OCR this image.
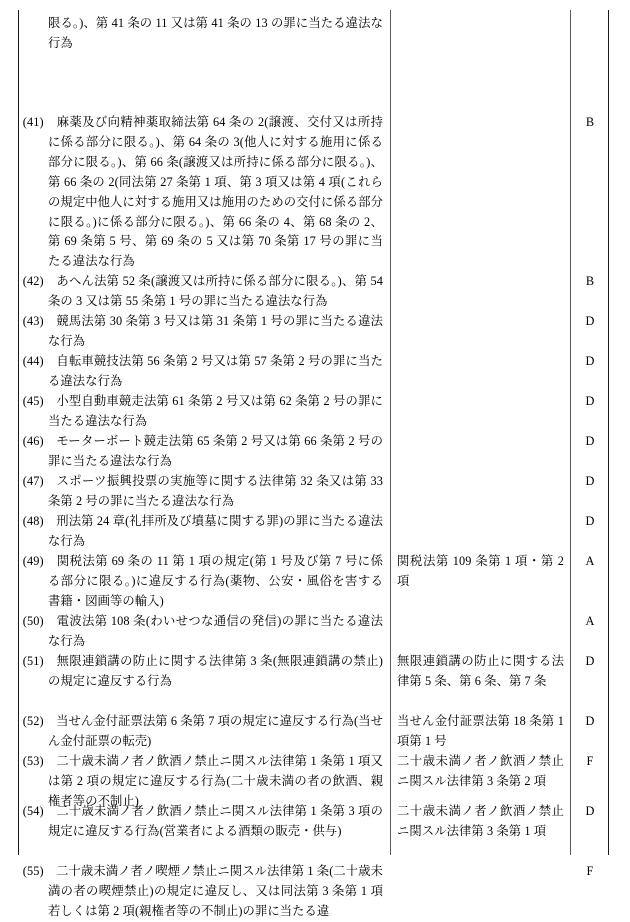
限る。)、第 41 条の 11 又は第 41 条の 13 の罪に当たる違法な行為
(41)　麻薬及び向精神薬取締法第 64 条の 2(譲渡、交付又は所持に係る部分に限る。)、第 64 条の 3(他人に対する施用に係る部分に限る。)、第 66 条(譲渡又は所持に係る部分に限る。)、第 66 条の 2(同法第 27 条第 1 項、第 3 項又は第 4 項(これらの規定中他人に対する施用又は施用のための交付に係る部分に限る。)に係る部分に限る。)、第 66 条の 4、第 68 条の 2、第 69 条第 5 号、第 69 条の 5 又は第 70 条第 17 号の罪に当たる違法な行為
B
(42)　あへん法第 52 条(譲渡又は所持に係る部分に限る。)、第 54 条の 3 又は第 55 条第 1 号の罪に当たる違法な行為
B
(43)　競馬法第 30 条第 3 号又は第 31 条第 1 号の罪に当たる違法な行為
D
(44)　自転車競技法第 56 条第 2 号又は第 57 条第 2 号の罪に当たる違法な行為
D
(45)　小型自動車競走法第 61 条第 2 号又は第 62 条第 2 号の罪に当たる違法な行為
D
(46)　モーターボート競走法第 65 条第 2 号又は第 66 条第 2 号の罪に当たる違法な行為
D
(47)　スポーツ振興投票の実施等に関する法律第 32 条又は第 33 条第 2 号の罪に当たる違法な行為
D
(48)　刑法第 24 章(礼拝所及び墳墓に関する罪)の罪に当たる違法な行為
D
(49)　関税法第 69 条の 11 第 1 項の規定(第 1 号及び第 7 号に係る部分に限る。)に違反する行為(薬物、公安・風俗を害する書籍・図画等の輸入)
関税法第 109 条第 1 項・第 2 項
A
(50)　電波法第 108 条(わいせつな通信の発信)の罪に当たる違法な行為
A
(51)　無限連鎖講の防止に関する法律第 3 条(無限連鎖講の禁止)の規定に違反する行為
無限連鎖講の防止に関する法律第 5 条、第 6 条、第 7 条
D
(52)　当せん金付証票法第 6 条第 7 項の規定に違反する行為(当せん金付証票の転売)
当せん金付証票法第 18 条第 1 項第 1 号
D
(53)　二十歳未満ノ者ノ飲酒ノ禁止ニ関スル法律第 1 条第 1 項又は第 2 項の規定に違反する行為(二十歳未満の者の飲酒、親権者等の不制止)
二十歳未満ノ者ノ飲酒ノ禁止ニ関スル法律第 3 条第 2 項
F
(54)　二十歳未満ノ者ノ飲酒ノ禁止ニ関スル法律第 1 条第 3 項の規定に違反する行為(営業者による酒類の販売・供与)
二十歳未満ノ者ノ飲酒ノ禁止ニ関スル法律第 3 条第 1 項
D
(55)　二十歳未満ノ者ノ喫煙ノ禁止ニ関スル法律第 1 条(二十歳未満の者の喫煙禁止)の規定に違反し、又は同法第 3 条第 1 項若しくは第 2 項(親権者等の不制止)の罪に当たる違
F
